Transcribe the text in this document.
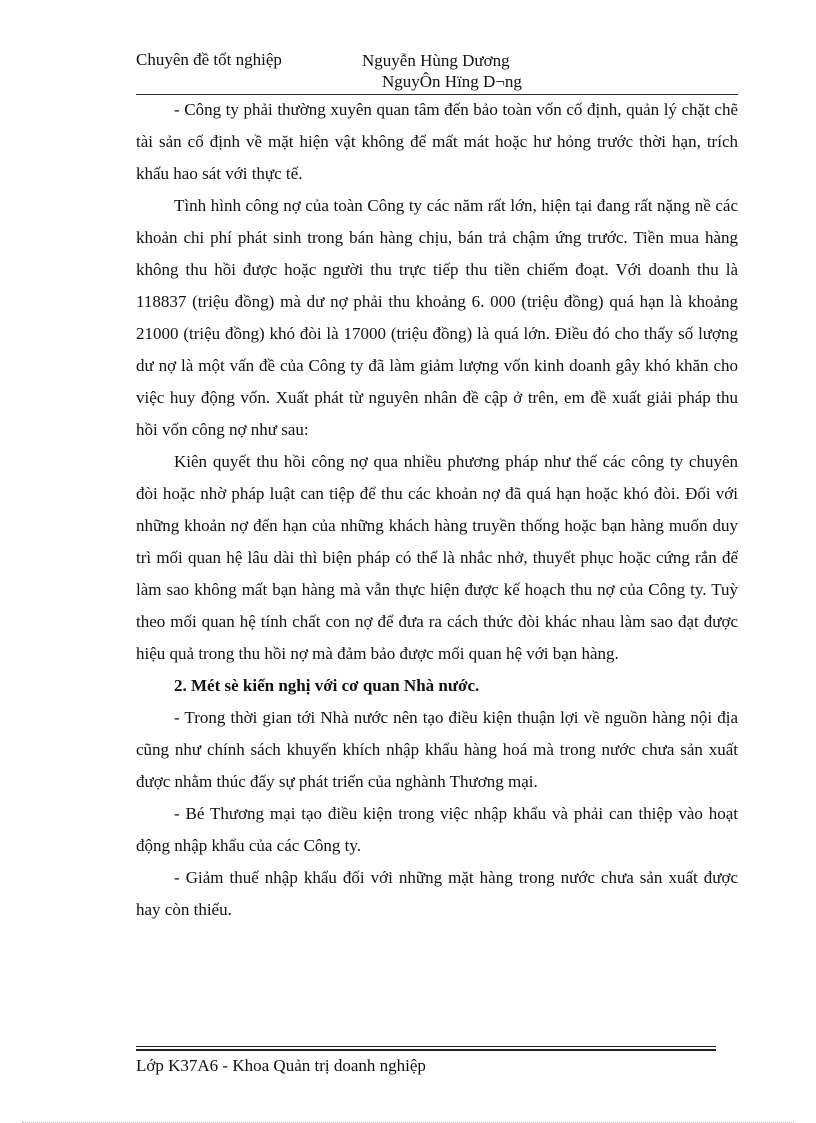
Chuyên đề tốt nghiệp	Nguyễn Hùng Dương
NguyÔn Hïng D¬ng

- Công ty phải thường xuyên quan tâm đến bảo toàn vốn cố định, quản lý chặt chẽ tài sản cố định về mặt hiện vật không để mất mát hoặc hư hỏng trước thời hạn, trích khấu hao sát với thực tế.

Tình hình công nợ của toàn Công ty các năm rất lớn, hiện tại đang rất nặng nề các khoản chi phí phát sinh trong bán hàng chịu, bán trả chậm ứng trước. Tiền mua hàng không thu hồi được hoặc người thu trực tiếp thu tiền chiếm đoạt. Với doanh thu là 118837 (triệu đồng) mà dư nợ phải thu khoảng 6. 000 (triệu đồng) quá hạn là khoảng 21000 (triệu đồng) khó đòi là 17000 (triệu đồng) là quá lớn. Điều đó cho thấy số lượng dư nợ là một vấn đề của Công ty đã làm giảm lượng vốn kinh doanh gây khó khăn cho việc huy động vốn. Xuất phát từ nguyên nhân đề cập ở trên, em đề xuất giải pháp thu hồi vốn công nợ như sau:

Kiên quyết thu hồi công nợ qua nhiều phương pháp như thế các công ty chuyên đòi hoặc nhờ pháp luật can tiệp để thu các khoản nợ đã quá hạn hoặc khó đòi. Đối với những khoản nợ đến hạn của những khách hàng truyền thống hoặc bạn hàng muốn duy trì mối quan hệ lâu dài thì biện pháp có thể là nhắc nhở, thuyết phục hoặc cứng rắn để làm sao không mất bạn hàng mà vẫn thực hiện được kế hoạch thu nợ của Công ty. Tuỳ theo mối quan hệ tính chất con nợ để đưa ra cách thức đòi khác nhau làm sao đạt được hiệu quả trong thu hồi nợ mà đảm bảo được mối quan hệ với bạn hàng.

2. Mét sè kiến nghị với cơ quan Nhà nước.

- Trong thời gian tới Nhà nước nên tạo điều kiện thuận lợi về nguồn hàng nội địa cũng như chính sách khuyến khích nhập khẩu hàng hoá mà trong nước chưa sản xuất được nhằm thúc đẩy sự phát triển của nghành Thương mại.

- Bé Thương mại tạo điều kiện trong việc nhập khẩu và phải can thiệp vào hoạt động nhập khẩu của các Công ty.

- Giảm thuế nhập khẩu đối với những mặt hàng trong nước chưa sản xuất được hay còn thiếu.

Lớp K37A6 - Khoa Quản trị doanh nghiệp
